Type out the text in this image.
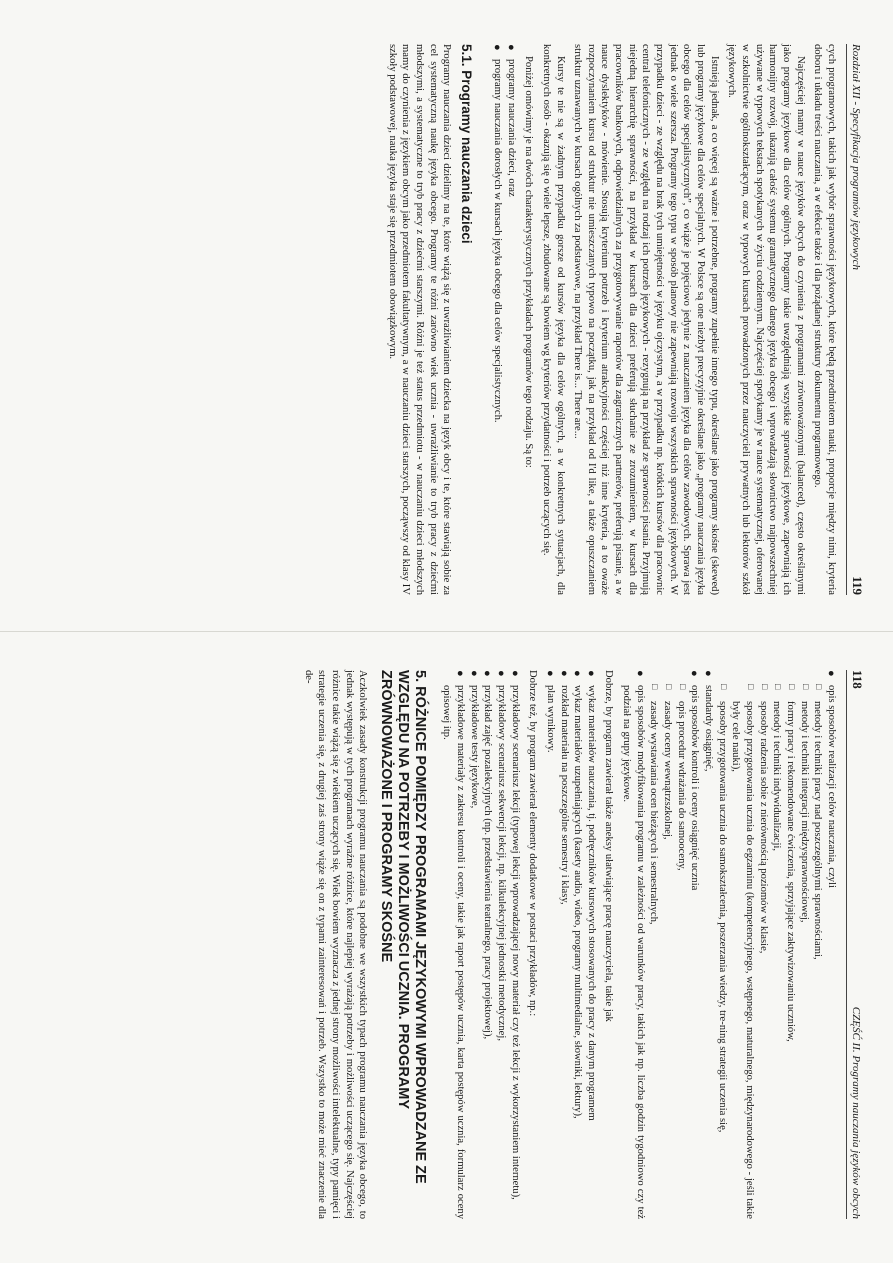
Rozdział XII - Specyfikacja programów językowych
119

cych programowych, takich jak wybór sprawności językowych, które będą przedmiotem nauki, proporcje między nimi, kryteria doboru i układu treści nauczania, a w efekcie także i dla pożądanej struktury dokumentu programowego.

Najczęściej mamy w nauce języków obcych do czynienia z programami zrównoważonymi (balanced), często określanymi jako programy językowe dla celów ogólnych. Programy takie uwzględniają wszystkie sprawności językowe, zapewniają ich harmonijny rozwój, ukazują całość systemu gramatycznego danego języka obcego i wprowadzają słownictwo najpowszechniej używane w typowych tekstach spotykanych w życiu codziennym. Najczęściej spotykamy je w nauce systematycznej, oferowanej w szkolnictwie ogólnokształcącym, oraz w typowych kursach prowadzonych przez nauczycieli prywatnych lub lektorów szkół językowych.

Istnieją jednak, a co więcej są ważne i potrzebne, programy zupełnie innego typu, określane jako programy skośne (skewed) lub programy językowe dla celów specjalnych. W Polsce są one niezbyt precyzyjnie określane jako „programy nauczania języka obcego dla celów specjalistycznych”, co wiąże je pojęciowo jedynie z nauczaniem języka dla celów zawodowych. Sprawa jest jednak o wiele szersza. Programy tego typu w sposób planowy nie zapewniają rozwoju wszystkich sprawności językowych. W przypadku dzieci - ze względu na brak tych umiejętności w języku ojczystym, a w przypadku np. krótkich kursów dla pracownic central telefonicznych - ze względu na rodzaj ich potrzeb językowych - rezygnują na przykład ze sprawności pisania. Przyjmują niejedną hierarchię sprawności, na przykład w kursach dla dzieci preferują słuchanie ze zrozumieniem, w kursach dla pracowników bankowych, odpowiedzialnych za przygotowywanie raportów dla zagranicznych partnerów, preferują pisanie, a w nauce dyslektyków - mówienie. Stosują kryterium potrzeb i kryterium atrakcyjności częściej niż inne kryteria, a to oważe rozpoczynaniem kursu od struktur nie umieszczanych typowo na początku, jak na przykład od I'd like, a także opuszczaniem struktur uznawanych w kursach ogólnych za podstawowe, na przykład There is... There are...

Kursy te nie są w żadnym przypadku gorsze od kursów języka dla celów ogólnych, a w konkretnych sytuacjach, dla konkretnych osób - okazują się o wiele lepsze, zbudowane są bowiem wg kryteriów przydatności i potrzeb uczących się.

Poniżej omówimy je na dwóch charakterystycznych przykładach programów tego rodzaju. Są to:

●
programy nauczania dzieci, oraz
●
programy nauczania dorosłych w kursach języka obcego dla celów specjalistycznych.
5.1. Programy nauczania dzieci

Programy nauczania dzieci dzielimy na te, które wiążą się z uwrażliwianiem dziecka na język obcy i te, które stawiają sobie za cel systematyczną naukę języka obcego. Programy te różni zarówno wiek ucznia - uwrażliwianie to tryb pracy z dziećmi młodszymi, a systematyczne to tryb pracy z dziećmi starszymi. Różni je też status przedmiotu - w nauczaniu dzieci młodszych mamy do czynienia z językiem obcym jako przedmiotem fakultatywnym, a w nauczaniu dzieci starszych, począwszy od klasy IV szkoły podstawowej, nauka języka staje się przedmiotem obowiązkowym.

118
CZĘŚĆ II. Programy nauczania języków obcych
●
opis sposobów realizacji celów nauczania, czyli
□
metody i techniki pracy nad poszczególnymi sprawnościami,
□
metody i techniki integracji międzysprawnościowej,
□
formy pracy i rekomendowane ćwiczenia, sprzyjające zaktywizowaniu uczniów,
□
metody i techniki indywidualizacji,
□
sposoby radzenia sobie z nierównością poziomów w klasie,
□
sposoby przygotowania ucznia do egzaminu (kompetencyjnego, wstępnego, maturalnego, międzynarodowego - jeśli takie były cele nauki),
□
sposoby przygotowania ucznia do samokształcenia, poszerzania wiedzy, tre-ning strategii uczenia się,
●
standardy osiągnięć,
●
opis sposobów kontroli i oceny osiągnięć ucznia
□
opis procedur wdrażania do samooceny,
□
zasady oceny wewnątrzszkolnej,
□
zasady wystawiania ocen bieżących i semestralnych,
●
opis sposobów modyfikowania programu w zależności od warunków pracy, takich jak np. liczba godzin tygodniowo czy też podział na grupy językowe.

Dobrze, by program zawierał także aneksy ułatwiające pracę nauczyciela, takie jak

●
wykaz materiałów nauczania, tj. podręczników kursowych stosowanych do pracy z danym programem
●
wykaz materiałów uzupełniających (kasety audio, wideo, programy multimedialne, słowniki, lektury),
●
rozkład materiału na poszczególne semestry i klasy,
●
plan wynikowy.

Dobrze też, by program zawierał elementy dodatkowe w postaci przykładów, np.:

●
przykładowy scenariusz lekcji (typowej lekcji wprowadzającej nowy materiał czy też lekcji z wykorzystaniem internetu),
●
przykładowy scenariusz sekwencji lekcji, np. kilkulekcyjnej jednostki metodycznej,
●
przykład zajęć pozalekcyjnych (np. przedstawienia teatralnego, pracy projektowej),
●
przykładowe testy językowe,
●
przykładowe materiały z zakresu kontroli i oceny, takie jak raport postępów ucznia, karta postępów ucznia, formularz oceny opisowej itp.
5. RÓŻNICE POMIĘDZY PROGRAMAMI JĘZYKOWYMI WPROWADZANE ZE WZGLĘDU NA POTRZEBY I MOŻLIWOŚCI UCZNIA. PROGRAMY ZRÓWNOWAŻONE I PROGRAMY SKOŚNE

Aczkolwiek zasady konstrukcji programu nauczania są podobne we wszystkich typach programu nauczania języka obcego, to jednak występują w tych programach wyraźne różnice, które najlepiej wyrażają potrzeby i możliwości uczącego się. Najczęściej różnice takie wiążą się z wiekiem uczących się. Wiek bowiem wyznacza z jednej strony możliwości intelektualne, typy pamięci i strategie uczenia się, z drugiej zaś strony wiąże się on z typami zainteresowań i potrzeb. Wszystko to może mieć znaczenie dla de-
